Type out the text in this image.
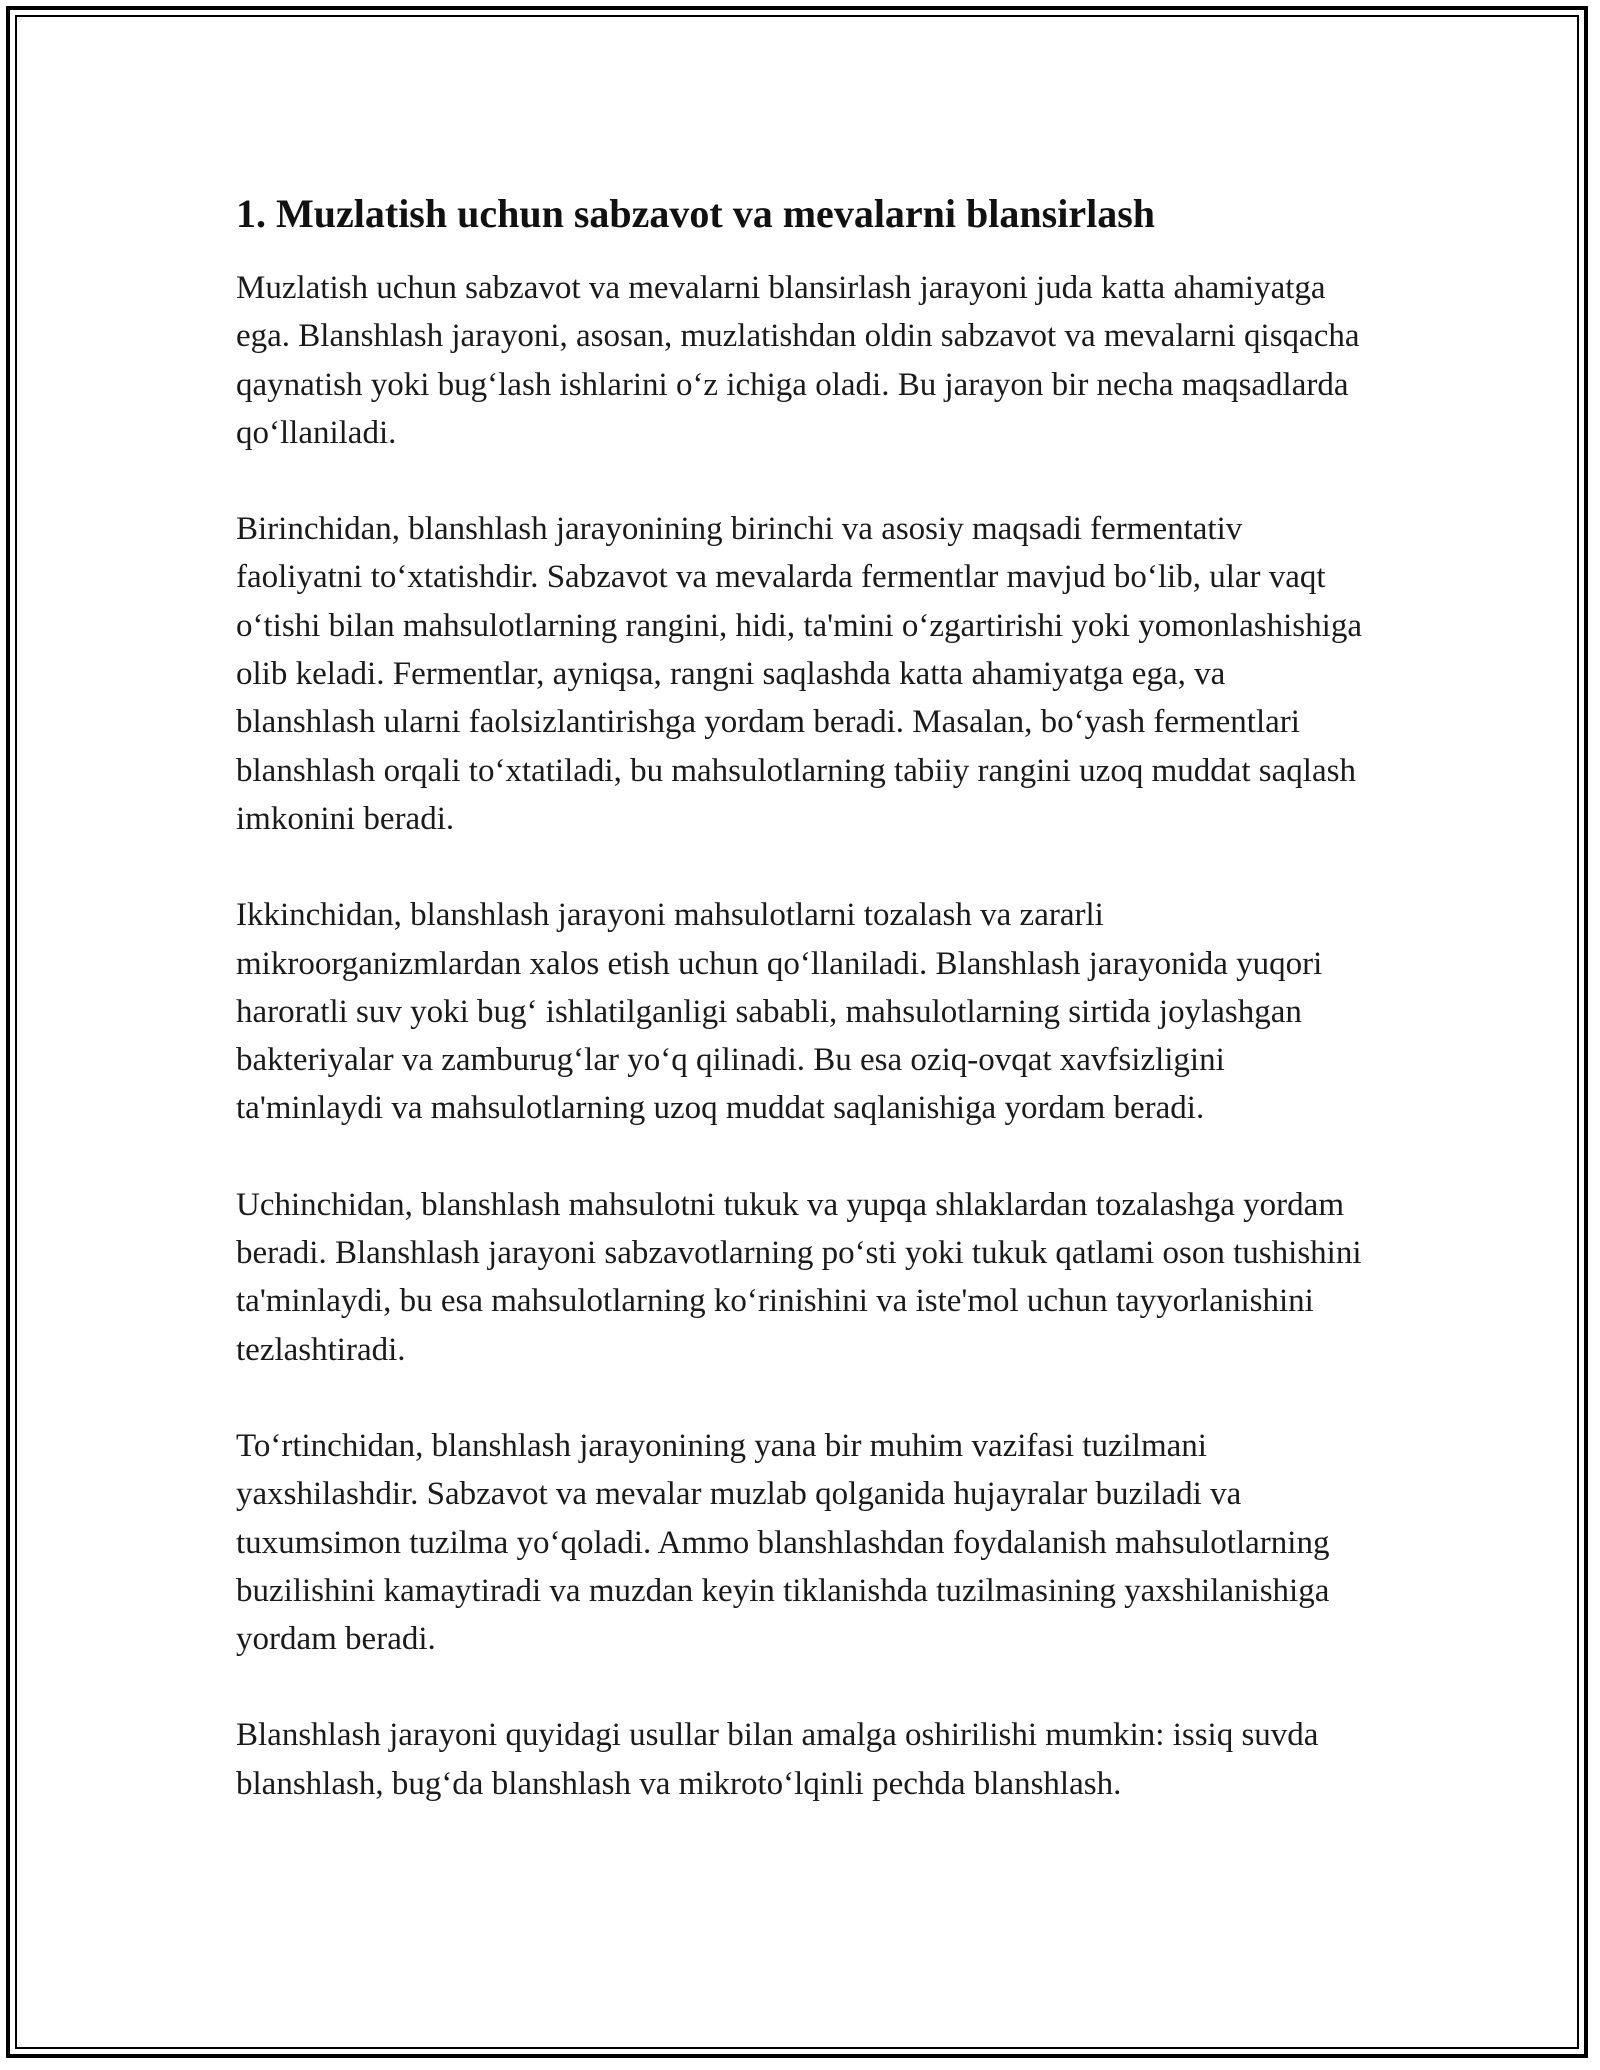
1. Muzlatish uchun sabzavot va mevalarni blansirlash

Muzlatish uchun sabzavot va mevalarni blansirlash jarayoni juda katta ahamiyatga ega. Blanshlash jarayoni, asosan, muzlatishdan oldin sabzavot va mevalarni qisqacha qaynatish yoki bug‘lash ishlarini o‘z ichiga oladi. Bu jarayon bir necha maqsadlarda qo‘llaniladi.

Birinchidan, blanshlash jarayonining birinchi va asosiy maqsadi fermentativ faoliyatni to‘xtatishdir. Sabzavot va mevalarda fermentlar mavjud bo‘lib, ular vaqt o‘tishi bilan mahsulotlarning rangini, hidi, ta'mini o‘zgartirishi yoki yomonlashishiga olib keladi. Fermentlar, ayniqsa, rangni saqlashda katta ahamiyatga ega, va blanshlash ularni faolsizlantirishga yordam beradi. Masalan, bo‘yash fermentlari blanshlash orqali to‘xtatiladi, bu mahsulotlarning tabiiy rangini uzoq muddat saqlash imkonini beradi.

Ikkinchidan, blanshlash jarayoni mahsulotlarni tozalash va zararli mikroorganizmlardan xalos etish uchun qo‘llaniladi. Blanshlash jarayonida yuqori haroratli suv yoki bug‘ ishlatilganligi sababli, mahsulotlarning sirtida joylashgan bakteriyalar va zamburug‘lar yo‘q qilinadi. Bu esa oziq-ovqat xavfsizligini ta'minlaydi va mahsulotlarning uzoq muddat saqlanishiga yordam beradi.

Uchinchidan, blanshlash mahsulotni tukuk va yupqa shlaklardan tozalashga yordam beradi. Blanshlash jarayoni sabzavotlarning po‘sti yoki tukuk qatlami oson tushishini ta'minlaydi, bu esa mahsulotlarning ko‘rinishini va iste'mol uchun tayyorlanishini tezlashtiradi.

To‘rtinchidan, blanshlash jarayonining yana bir muhim vazifasi tuzilmani yaxshilashdir. Sabzavot va mevalar muzlab qolganida hujayralar buziladi va tuxumsimon tuzilma yo‘qoladi. Ammo blanshlashdan foydalanish mahsulotlarning buzilishini kamaytiradi va muzdan keyin tiklanishda tuzilmasining yaxshilanishiga yordam beradi.

Blanshlash jarayoni quyidagi usullar bilan amalga oshirilishi mumkin: issiq suvda blanshlash, bug‘da blanshlash va mikroto‘lqinli pechda blanshlash.
